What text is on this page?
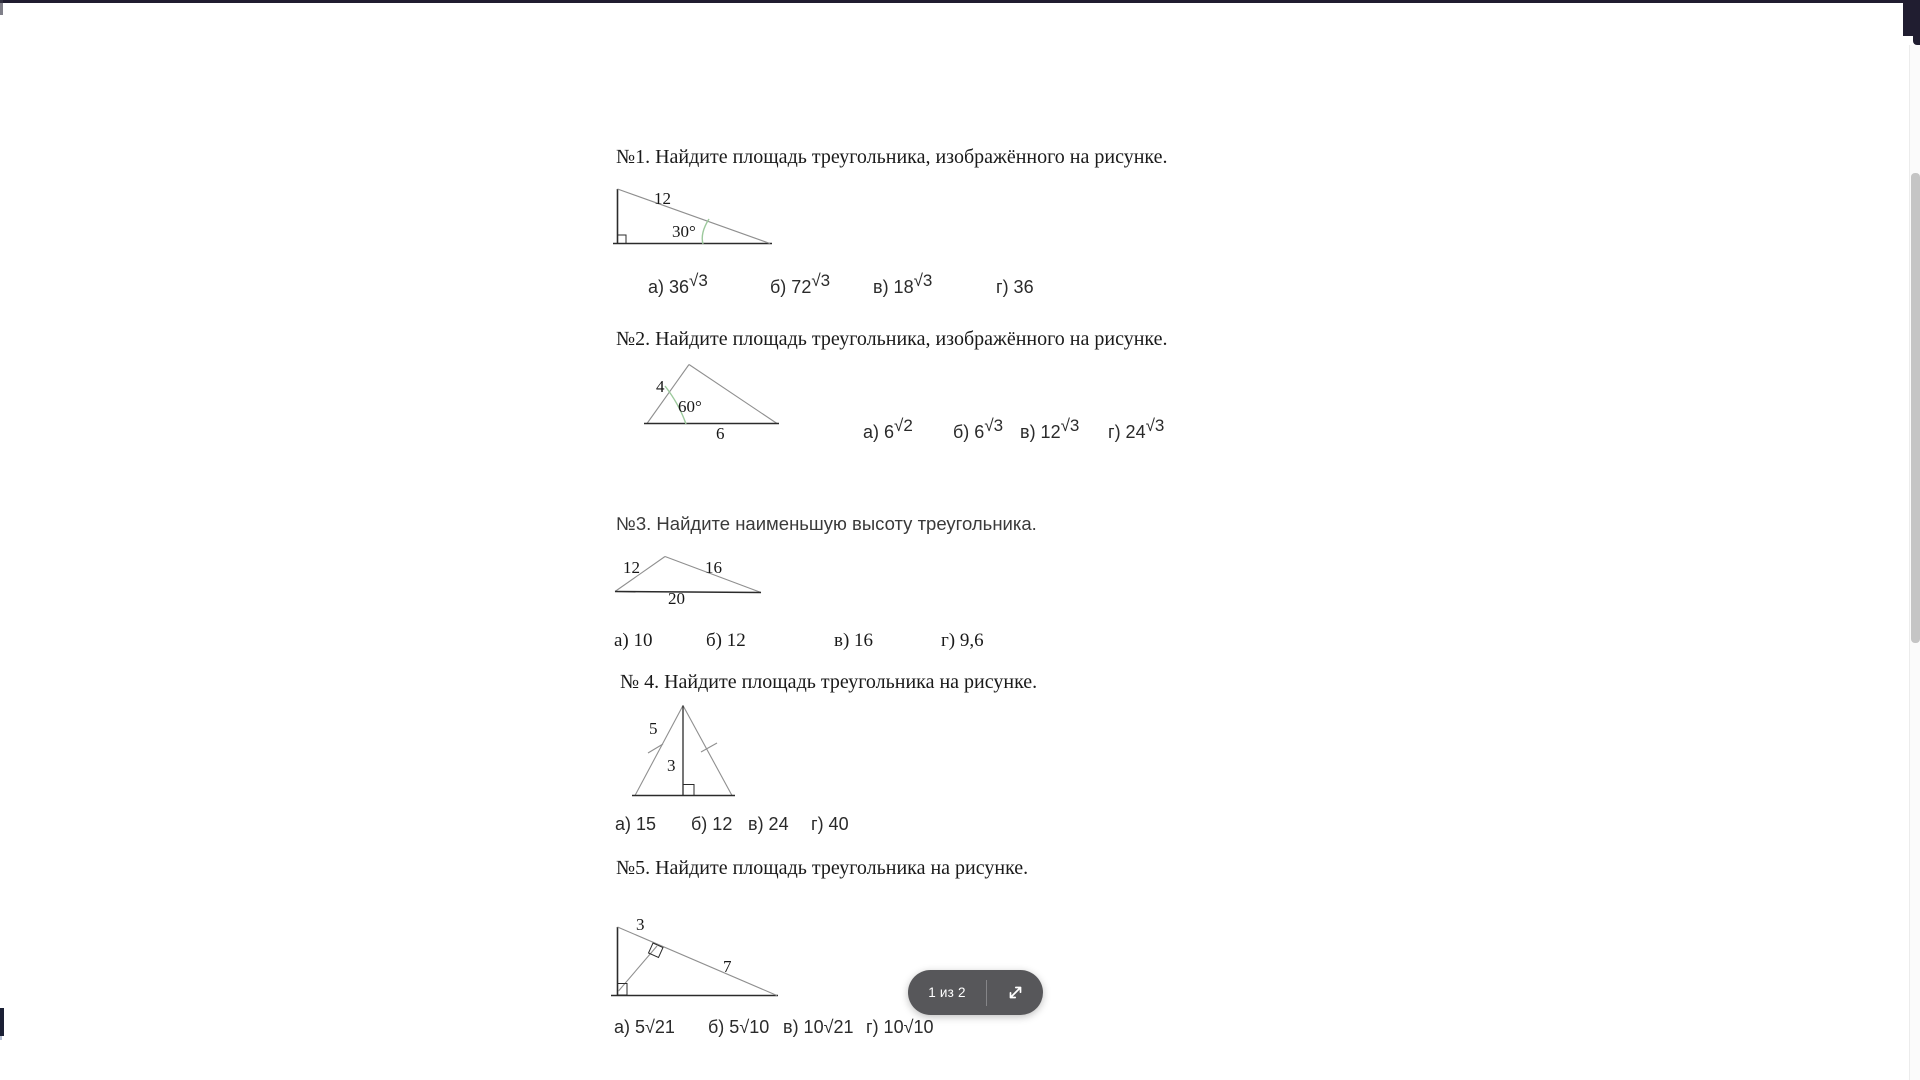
№1. Найдите площадь треугольника, изображённого на рисунке.
12
30°
а) $36^{√3}$	б) $72^{√3}$ в) $18^{√3}$	г) 36
№2. Найдите площадь треугольника, изображённого на рисунке.
4
60°
6	а) $6^{√2}$ б) $6^{√3}$ в) $12^{√3}$ г) $24^{√3}$
№3. Найдите наименьшую высоту треугольника.
12	16
20
а) 10	б) 12	в) 16	г) 9,6
№ 4. Найдите площадь треугольника на рисунке.
5
3
а) 15 б) 12 в) 24 г) 40
№5. Найдите площадь треугольника на рисунке.
3
7
а) 5√21 б) 5√10 в) 10√21 г) 10√10
1 из 2
